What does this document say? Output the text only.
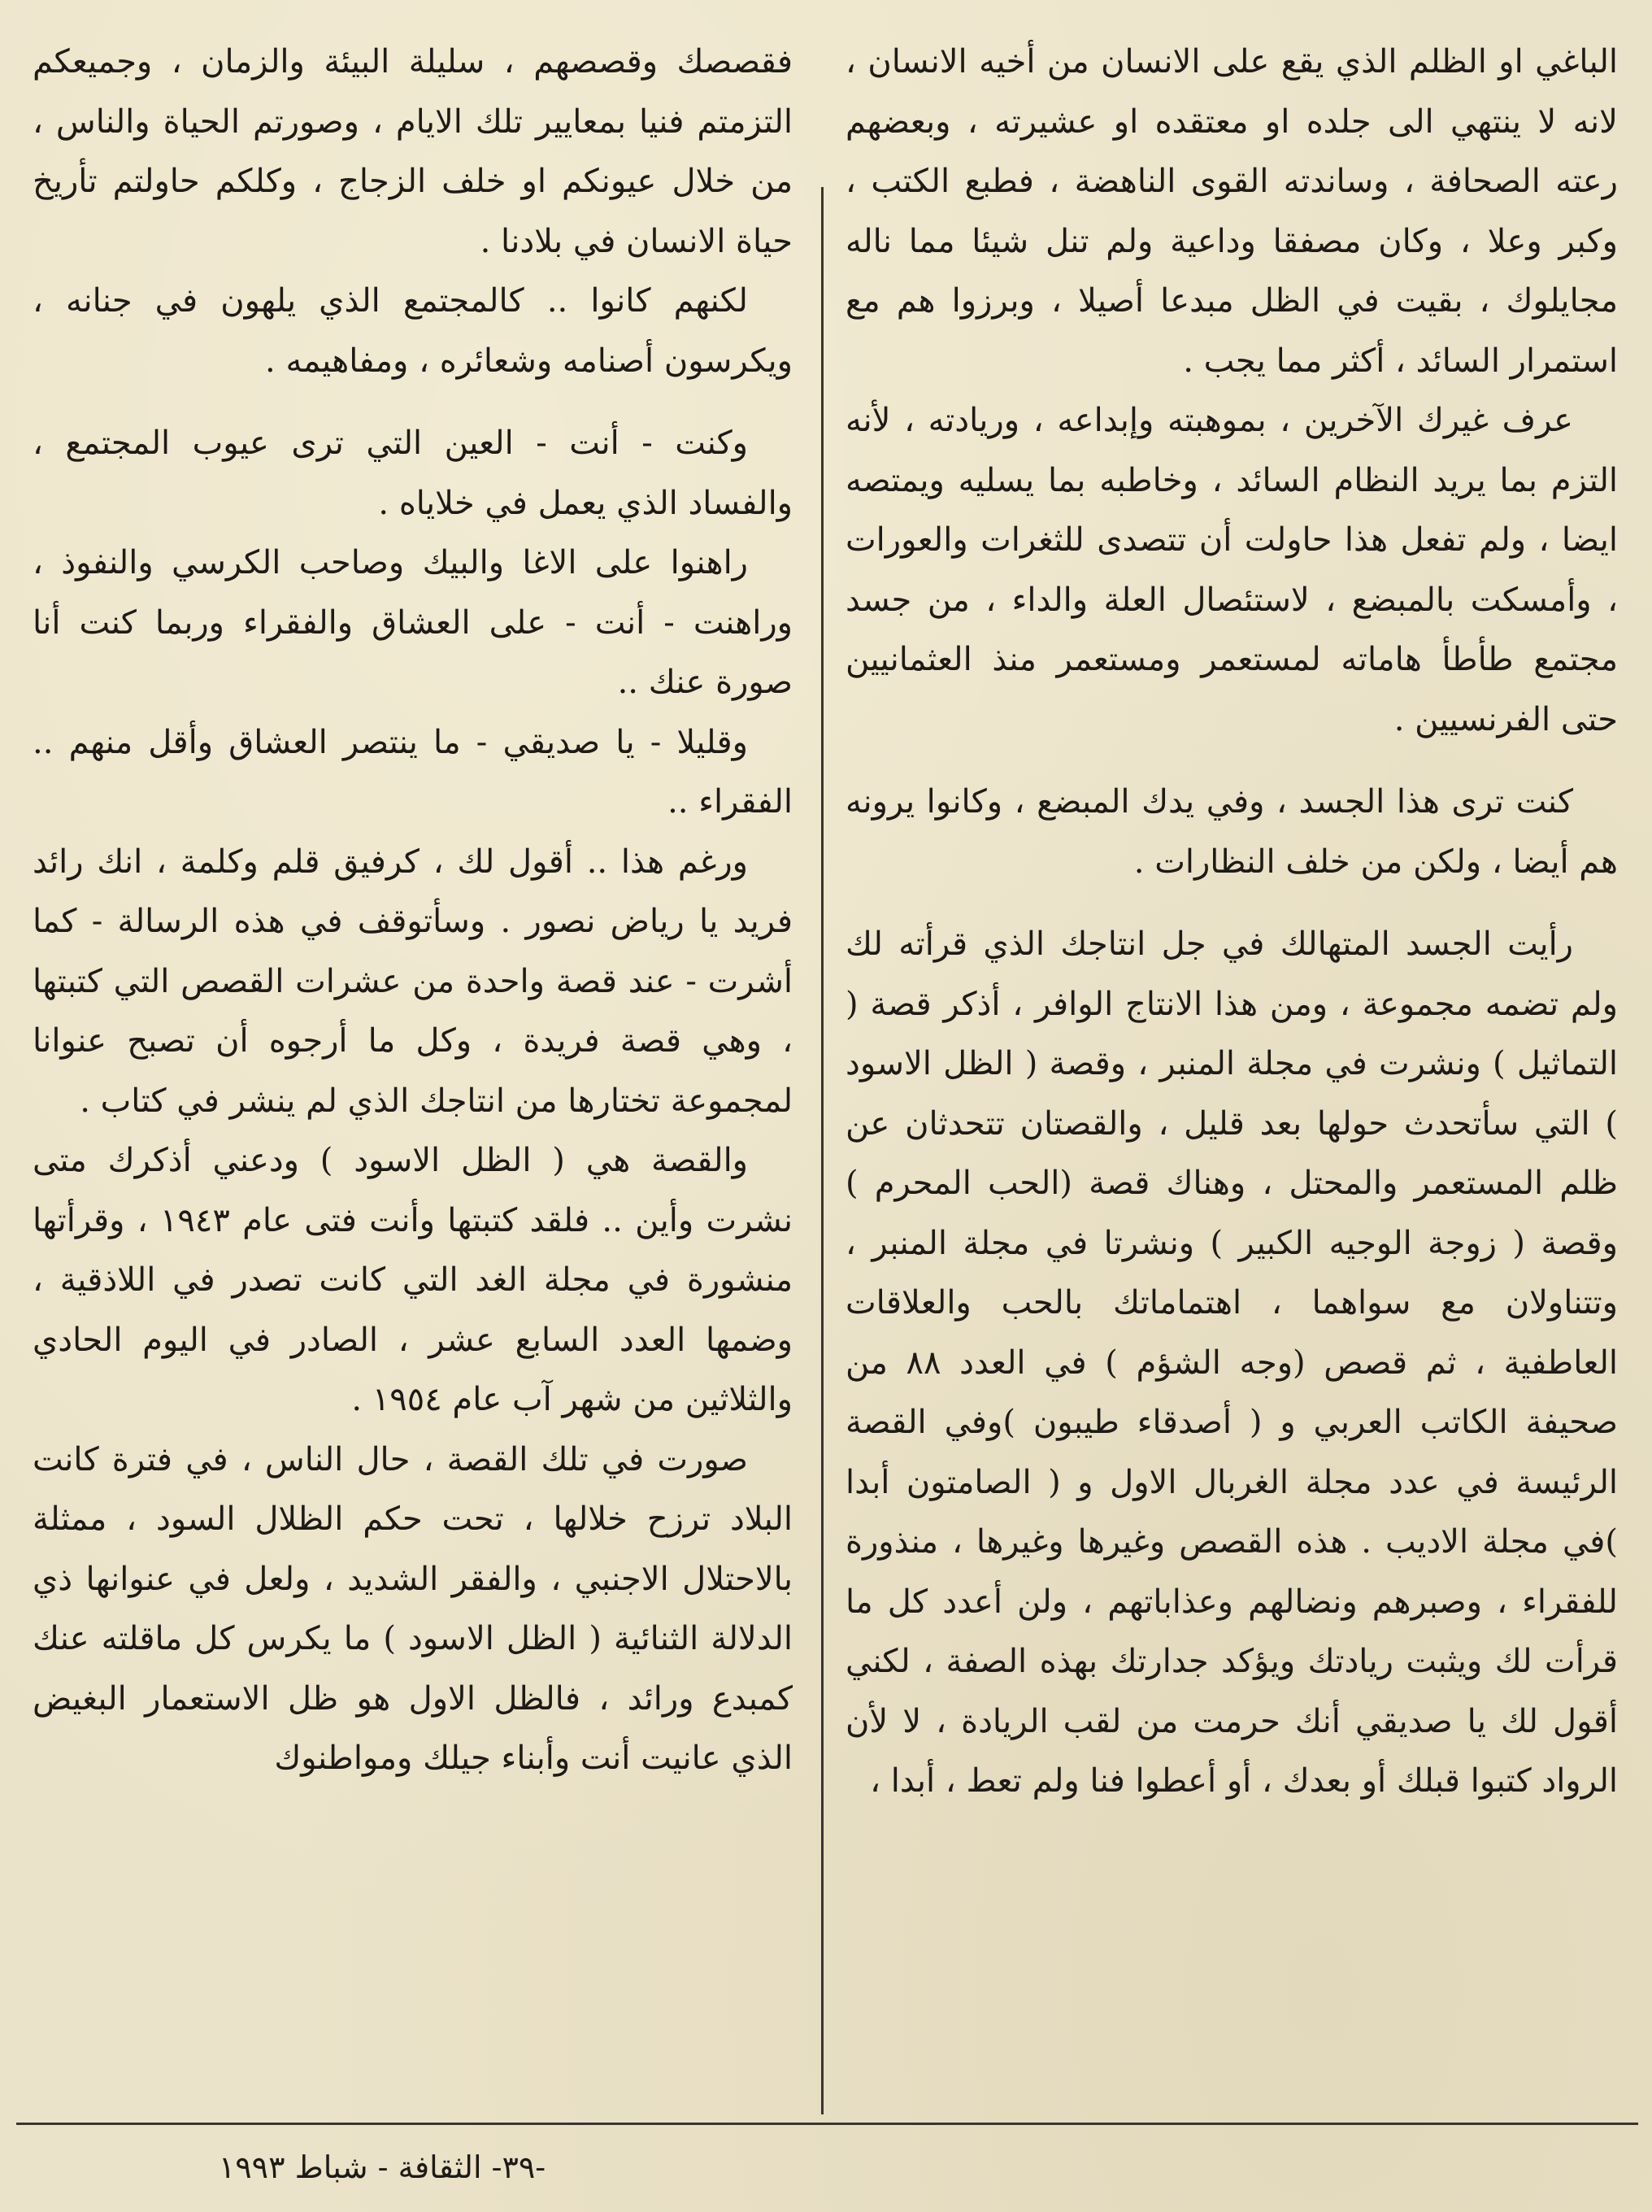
الباغي او الظلم الذي يقع على الانسان من أخيه الانسان ، لانه لا ينتهي الى جلده او معتقده او عشيرته ، وبعضهم رعته الصحافة ، وساندته القوى الناهضة ، فطبع الكتب ، وكبر وعلا ، وكان مصفقا وداعية ولم تنل شيئا مما ناله مجايلوك ، بقيت في الظل مبدعا أصيلا ، وبرزوا هم مع استمرار السائد ، أكثر مما يجب .

عرف غيرك الآخرين ، بموهبته وإبداعه ، وريادته ، لأنه التزم بما يريد النظام السائد ، وخاطبه بما يسليه ويمتصه ايضا ، ولم تفعل هذا حاولت أن تتصدى للثغرات والعورات ، وأمسكت بالمبضع ، لاستئصال العلة والداء ، من جسد مجتمع طأطأ هاماته لمستعمر ومستعمر منذ العثمانيين حتى الفرنسيين .

كنت ترى هذا الجسد ، وفي يدك المبضع ، وكانوا يرونه هم أيضا ، ولكن من خلف النظارات .

رأيت الجسد المتهالك في جل انتاجك الذي قرأته لك ولم تضمه مجموعة ، ومن هذا الانتاج الوافر ، أذكر قصة ( التماثيل ) ونشرت في مجلة المنبر ، وقصة ( الظل الاسود ) التي سأتحدث حولها بعد قليل ، والقصتان تتحدثان عن ظلم المستعمر والمحتل ، وهناك قصة (الحب المحرم ) وقصة ( زوجة الوجيه الكبير ) ونشرتا في مجلة المنبر ، وتتناولان مع سواهما ، اهتماماتك بالحب والعلاقات العاطفية ، ثم قصص (وجه الشؤم ) في العدد ٨٨ من صحيفة الكاتب العربي و ( أصدقاء طيبون )وفي القصة الرئيسة في عدد مجلة الغربال الاول و ( الصامتون أبدا )في مجلة الاديب . هذه القصص وغيرها وغيرها ، منذورة للفقراء ، وصبرهم ونضالهم وعذاباتهم ، ولن أعدد كل ما قرأت لك ويثبت ريادتك ويؤكد جدارتك بهذه الصفة ، لكني أقول لك يا صديقي أنك حرمت من لقب الريادة ، لا لأن الرواد كتبوا قبلك أو بعدك ، أو أعطوا فنا ولم تعط ، أبدا ،

فقصصك وقصصهم ، سليلة البيئة والزمان ، وجميعكم التزمتم فنيا بمعايير تلك الايام ، وصورتم الحياة والناس ، من خلال عيونكم او خلف الزجاج ، وكلكم حاولتم تأريخ حياة الانسان في بلادنا .

لكنهم كانوا .. كالمجتمع الذي يلهون في جنانه ، ويكرسون أصنامه وشعائره ، ومفاهيمه .

وكنت - أنت - العين التي ترى عيوب المجتمع ، والفساد الذي يعمل في خلاياه .

راهنوا على الاغا والبيك وصاحب الكرسي والنفوذ ، وراهنت - أنت - على العشاق والفقراء وربما كنت أنا صورة عنك ..

وقليلا - يا صديقي - ما ينتصر العشاق وأقل منهم .. الفقراء ..

ورغم هذا .. أقول لك ، كرفيق قلم وكلمة ، انك رائد فريد يا رياض نصور . وسأتوقف في هذه الرسالة - كما أشرت - عند قصة واحدة من عشرات القصص التي كتبتها ، وهي قصة فريدة ، وكل ما أرجوه أن تصبح عنوانا لمجموعة تختارها من انتاجك الذي لم ينشر في كتاب .

والقصة هي ( الظل الاسود ) ودعني أذكرك متى نشرت وأين .. فلقد كتبتها وأنت فتى عام ١٩٤٣ ، وقرأتها منشورة في مجلة الغد التي كانت تصدر في اللاذقية ، وضمها العدد السابع عشر ، الصادر في اليوم الحادي والثلاثين من شهر آب عام ١٩٥٤ .

صورت في تلك القصة ، حال الناس ، في فترة كانت البلاد ترزح خلالها ، تحت حكم الظلال السود ، ممثلة بالاحتلال الاجنبي ، والفقر الشديد ، ولعل في عنوانها ذي الدلالة الثنائية ( الظل الاسود ) ما يكرس كل ماقلته عنك كمبدع ورائد ، فالظل الاول هو ظل الاستعمار البغيض الذي عانيت أنت وأبناء جيلك ومواطنوك

-٣٩- الثقافة - شباط ١٩٩٣
